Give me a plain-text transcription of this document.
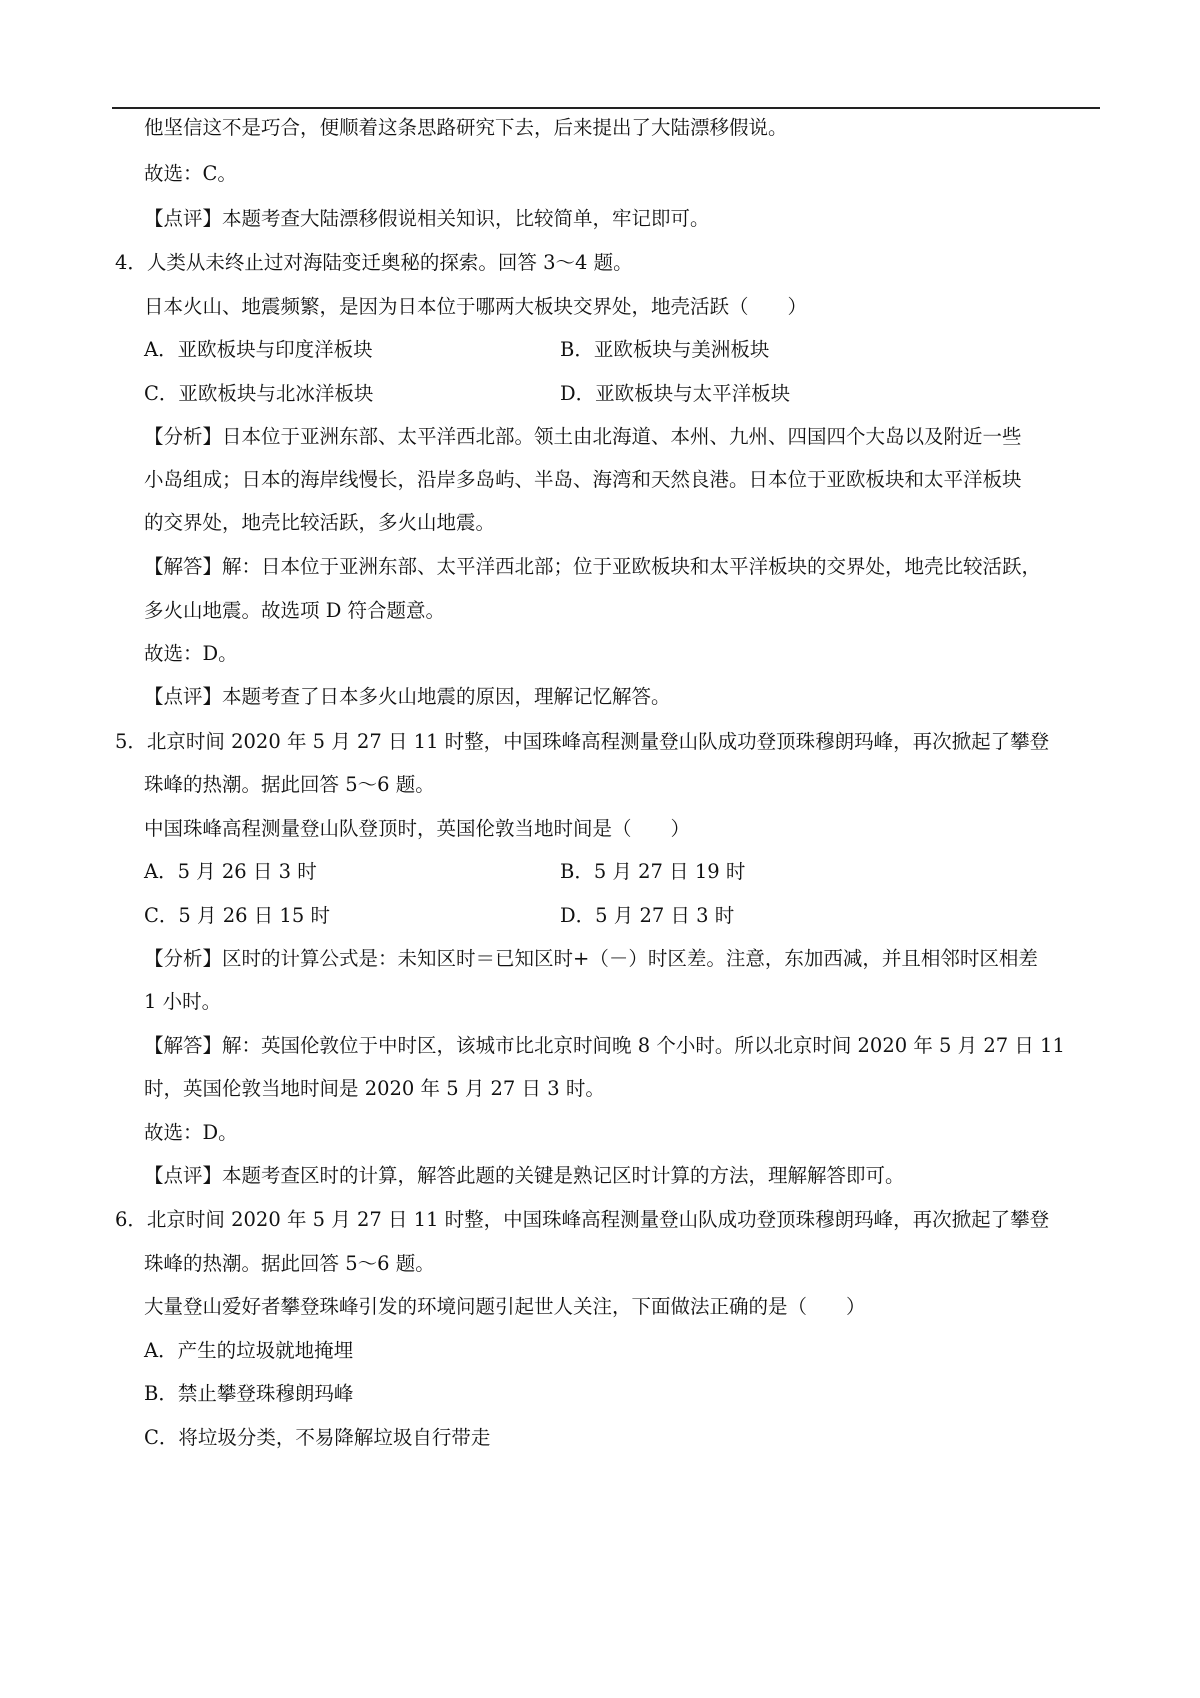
他坚信这不是巧合，便顺着这条思路研究下去，后来提出了大陆漂移假说。

故选：C。

【点评】本题考查大陆漂移假说相关知识，比较简单，牢记即可。

4．人类从未终止过对海陆变迁奥秘的探索。回答 3～4 题。

日本火山、地震频繁，是因为日本位于哪两大板块交界处，地壳活跃（　　）

A．亚欧板块与印度洋板块	B．亚欧板块与美洲板块

C．亚欧板块与北冰洋板块	D．亚欧板块与太平洋板块

【分析】日本位于亚洲东部、太平洋西北部。领土由北海道、本州、九州、四国四个大岛以及附近一些

小岛组成；日本的海岸线慢长，沿岸多岛屿、半岛、海湾和天然良港。日本位于亚欧板块和太平洋板块

的交界处，地壳比较活跃，多火山地震。

【解答】解：日本位于亚洲东部、太平洋西北部；位于亚欧板块和太平洋板块的交界处，地壳比较活跃，

多火山地震。故选项 D 符合题意。

故选：D。

【点评】本题考查了日本多火山地震的原因，理解记忆解答。

5．北京时间 2020 年 5 月 27 日 11 时整，中国珠峰高程测量登山队成功登顶珠穆朗玛峰，再次掀起了攀登

珠峰的热潮。据此回答 5～6 题。

中国珠峰高程测量登山队登顶时，英国伦敦当地时间是（　　）

A．5 月 26 日 3 时	B．5 月 27 日 19 时

C．5 月 26 日 15 时	D．5 月 27 日 3 时

【分析】区时的计算公式是：未知区时＝已知区时+（－）时区差。注意，东加西减，并且相邻时区相差

1 小时。

【解答】解：英国伦敦位于中时区，该城市比北京时间晚 8 个小时。所以北京时间 2020 年 5 月 27 日 11

时，英国伦敦当地时间是 2020 年 5 月 27 日 3 时。

故选：D。

【点评】本题考查区时的计算，解答此题的关键是熟记区时计算的方法，理解解答即可。

6．北京时间 2020 年 5 月 27 日 11 时整，中国珠峰高程测量登山队成功登顶珠穆朗玛峰，再次掀起了攀登

珠峰的热潮。据此回答 5～6 题。

大量登山爱好者攀登珠峰引发的环境问题引起世人关注，下面做法正确的是（　　）

A．产生的垃圾就地掩埋

B．禁止攀登珠穆朗玛峰

C．将垃圾分类，不易降解垃圾自行带走
